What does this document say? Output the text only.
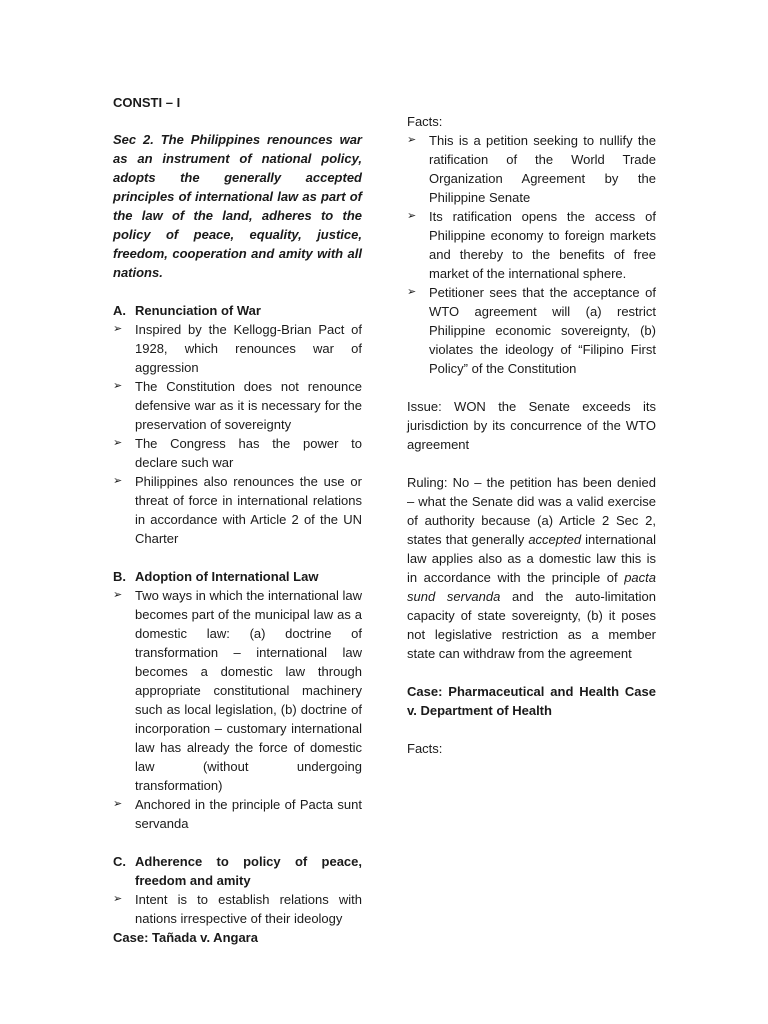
CONSTI – I

Sec 2. The Philippines renounces war as an instrument of national policy, adopts the generally accepted principles of international law as part of the law of the land, adheres to the policy of peace, equality, justice, freedom, cooperation and amity with all nations.

A. Renunciation of War
➢ Inspired by the Kellogg-Brian Pact of 1928, which renounces war of aggression
➢ The Constitution does not renounce defensive war as it is necessary for the preservation of sovereignty
➢ The Congress has the power to declare such war
➢ Philippines also renounces the use or threat of force in international relations in accordance with Article 2 of the UN Charter
B. Adoption of International Law
➢ Two ways in which the international law becomes part of the municipal law as a domestic law: (a) doctrine of transformation – international law becomes a domestic law through appropriate constitutional machinery such as local legislation, (b) doctrine of incorporation – customary international law has already the force of domestic law (without undergoing transformation)
➢ Anchored in the principle of Pacta sunt servanda
C. Adherence to policy of peace, freedom and amity
➢ Intent is to establish relations with nations irrespective of their ideology

Case: Tañada v. Angara

Facts:

➢ This is a petition seeking to nullify the ratification of the World Trade Organization Agreement by the Philippine Senate
➢ Its ratification opens the access of Philippine economy to foreign markets and thereby to the benefits of free market of the international sphere.
➢ Petitioner sees that the acceptance of WTO agreement will (a) restrict Philippine economic sovereignty, (b) violates the ideology of “Filipino First Policy” of the Constitution

Issue: WON the Senate exceeds its jurisdiction by its concurrence of the WTO agreement

Ruling: No – the petition has been denied – what the Senate did was a valid exercise of authority because (a) Article 2 Sec 2, states that generally accepted international law applies also as a domestic law this is in accordance with the principle of pacta sund servanda and the auto-limitation capacity of state sovereignty, (b) it poses not legislative restriction as a member state can withdraw from the agreement

Case: Pharmaceutical and Health Case v. Department of Health

Facts:
